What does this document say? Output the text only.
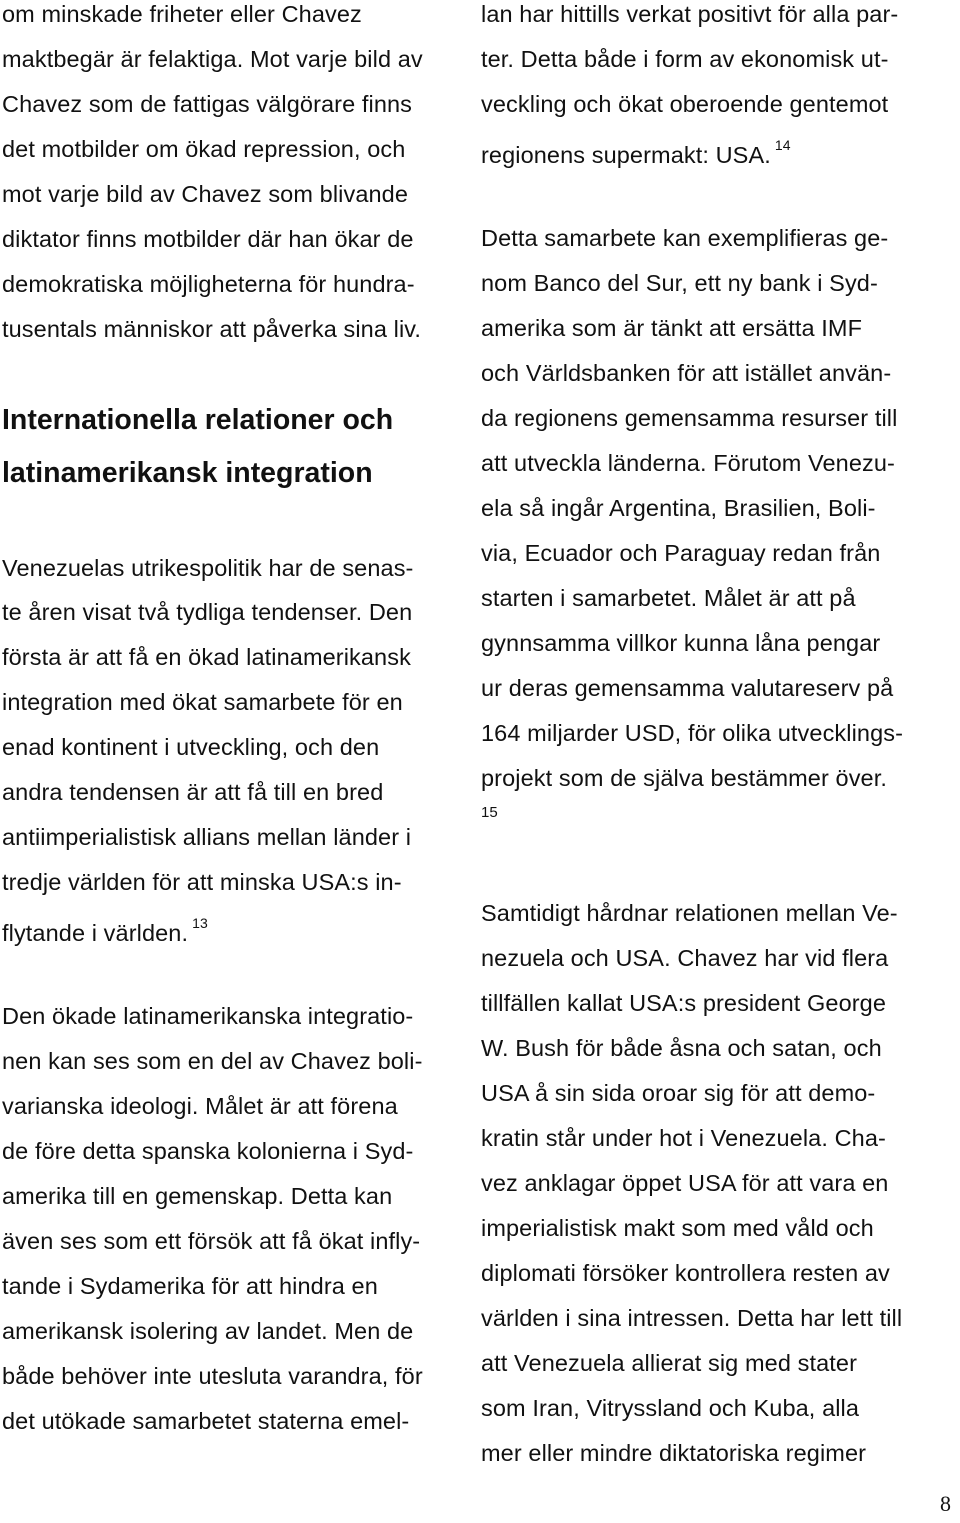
om minskade friheter eller Chavez
maktbegär är felaktiga. Mot varje bild av
Chavez som de fattigas välgörare finns
det motbilder om ökad repression, och
mot varje bild av Chavez som blivande
diktator finns motbilder där han ökar de
demokratiska möjligheterna för hundra-
tusentals människor att påverka sina liv.
Internationella relationer och
latinamerikansk integration
Venezuelas utrikespolitik har de senas-
te åren visat två tydliga tendenser. Den
första är att få en ökad latinamerikansk
integration med ökat samarbete för en
enad kontinent i utveckling, och den
andra tendensen är att få till en bred
antiimperialistisk allians mellan länder i
tredje världen för att minska USA:s in-
flytande i världen. $^{13}$
Den ökade latinamerikanska integratio-
nen kan ses som en del av Chavez boli-
varianska ideologi. Målet är att förena
de före detta spanska kolonierna i Syd-
amerika till en gemenskap. Detta kan
även ses som ett försök att få ökat infly-
tande i Sydamerika för att hindra en
amerikansk isolering av landet. Men de
både behöver inte utesluta varandra, för
det utökade samarbetet staterna emel-
lan har hittills verkat positivt för alla par-
ter. Detta både i form av ekonomisk ut-
veckling och ökat oberoende gentemot
regionens supermakt: USA. $^{14}$
Detta samarbete kan exemplifieras ge-
nom Banco del Sur, ett ny bank i Syd-
amerika som är tänkt att ersätta IMF
och Världsbanken för att istället använ-
da regionens gemensamma resurser till
att utveckla länderna. Förutom Venezu-
ela så ingår Argentina, Brasilien, Boli-
via, Ecuador och Paraguay redan från
starten i samarbetet. Målet är att på
gynnsamma villkor kunna låna pengar
ur deras gemensamma valutareserv på
164 miljarder USD, för olika utvecklings-
projekt som de själva bestämmer över.
15
Samtidigt hårdnar relationen mellan Ve-
nezuela och USA. Chavez har vid flera
tillfällen kallat USA:s president George
W. Bush för både åsna och satan, och
USA å sin sida oroar sig för att demo-
kratin står under hot i Venezuela. Cha-
vez anklagar öppet USA för att vara en
imperialistisk makt som med våld och
diplomati försöker kontrollera resten av
världen i sina intressen. Detta har lett till
att Venezuela allierat sig med stater
som Iran, Vitryssland och Kuba, alla
mer eller mindre diktatoriska regimer
8
